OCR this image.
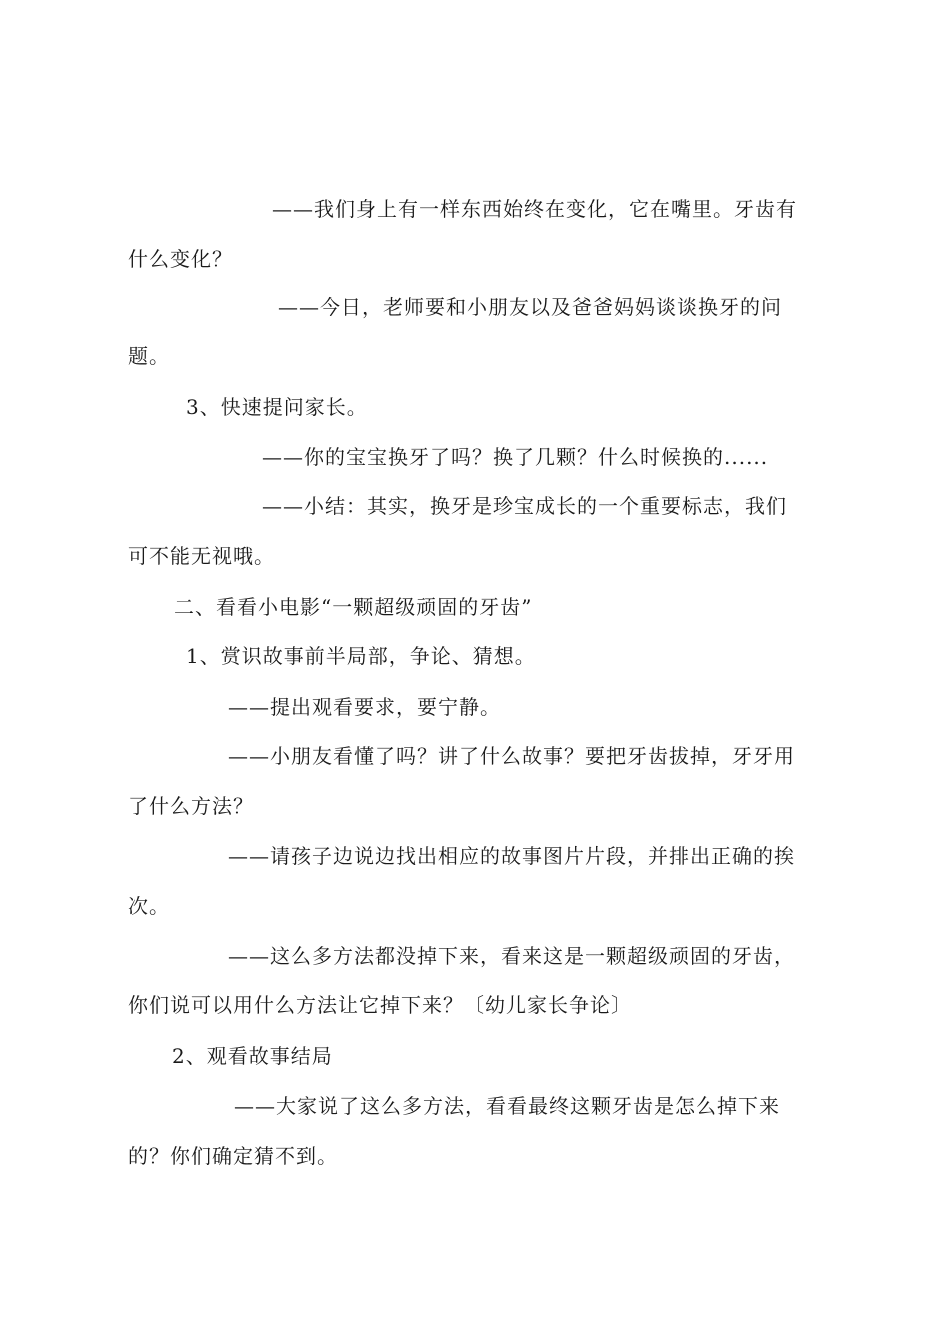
——我们身上有一样东西始终在变化，它在嘴里。牙齿有
什么变化？
——今日，老师要和小朋友以及爸爸妈妈谈谈换牙的问
题。
3、快速提问家长。
——你的宝宝换牙了吗？换了几颗？什么时候换的......
——小结：其实，换牙是珍宝成长的一个重要标志，我们
可不能无视哦。
二、看看小电影“一颗超级顽固的牙齿”
1、赏识故事前半局部，争论、猜想。
——提出观看要求，要宁静。
——小朋友看懂了吗？讲了什么故事？要把牙齿拔掉，牙牙用
了什么方法？
——请孩子边说边找出相应的故事图片片段，并排出正确的挨
次。
——这么多方法都没掉下来，看来这是一颗超级顽固的牙齿，
你们说可以用什么方法让它掉下来？〔幼儿家长争论〕
2、观看故事结局
——大家说了这么多方法，看看最终这颗牙齿是怎么掉下来
的？你们确定猜不到。
